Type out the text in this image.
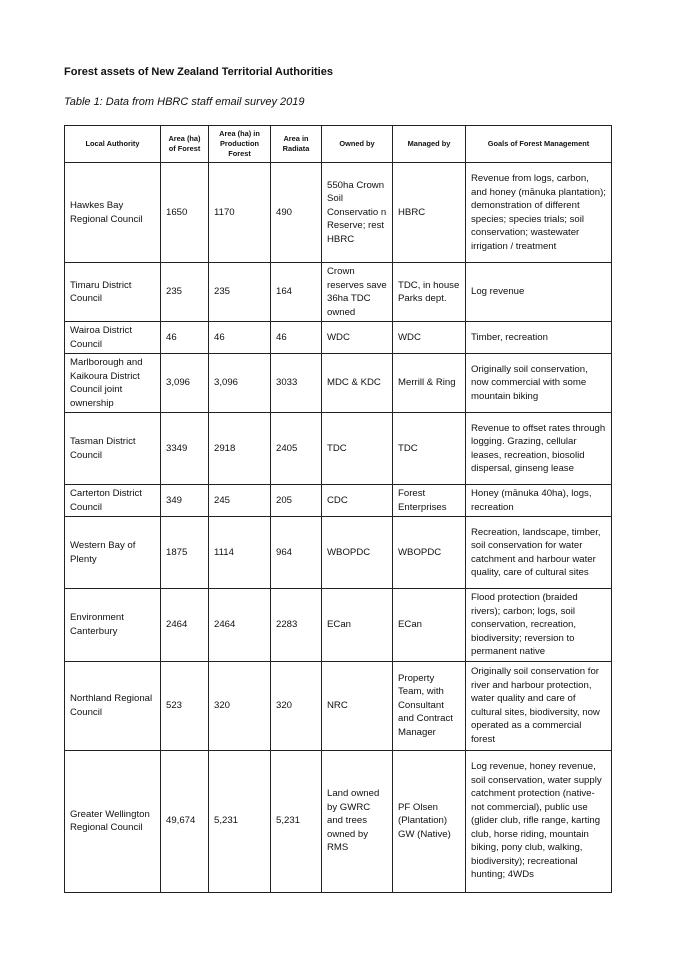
Forest assets of New Zealand Territorial Authorities
Table 1: Data from HBRC staff email survey 2019
Local Authority	Area (ha) of Forest	Area (ha) in Production Forest	Area in Radiata	Owned by	Managed by	Goals of Forest Management
Hawkes Bay Regional Council	1650	1170	490	550ha Crown Soil Conservatio n Reserve; rest HBRC	HBRC	Revenue from logs, carbon, and honey (mānuka plantation); demonstration of different species; species trials; soil conservation; wastewater irrigation / treatment
Timaru District Council	235	235	164	Crown reserves save 36ha TDC owned	TDC, in house Parks dept.	Log revenue
Wairoa District Council	46	46	46	WDC	WDC	Timber, recreation
Marlborough and Kaikoura District Council joint ownership	3,096	3,096	3033	MDC & KDC	Merrill & Ring	Originally soil conservation, now commercial with some mountain biking
Tasman District Council	3349	2918	2405	TDC	TDC	Revenue to offset rates through logging. Grazing, cellular leases, recreation, biosolid dispersal, ginseng lease
Carterton District Council	349	245	205	CDC	Forest Enterprises	Honey (mānuka 40ha), logs, recreation
Western Bay of Plenty	1875	1114	964	WBOPDC	WBOPDC	Recreation, landscape, timber, soil conservation for water catchment and harbour water quality, care of cultural sites
Environment Canterbury	2464	2464	2283	ECan	ECan	Flood protection (braided rivers); carbon; logs, soil conservation, recreation, biodiversity; reversion to permanent native
Northland Regional Council	523	320	320	NRC	Property Team, with Consultant and Contract Manager	Originally soil conservation for river and harbour protection, water quality and care of cultural sites, biodiversity, now operated as a commercial forest
Greater Wellington Regional Council	49,674	5,231	5,231	Land owned by GWRC and trees owned by RMS	PF Olsen (Plantation) GW (Native)	Log revenue, honey revenue, soil conservation, water supply catchment protection (native- not commercial), public use (glider club, rifle range, karting club, horse riding, mountain biking, pony club, walking, biodiversity); recreational hunting; 4WDs
